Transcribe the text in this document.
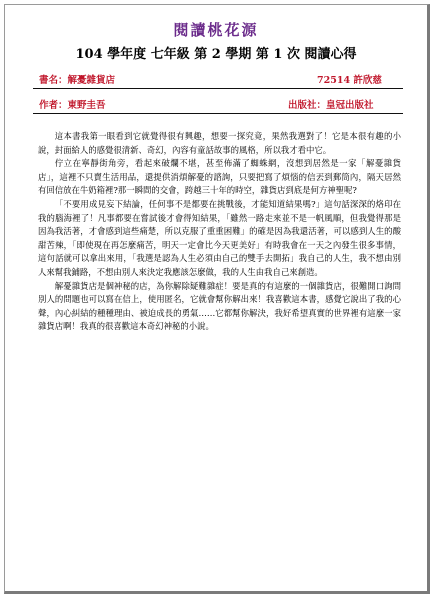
閱讀桃花源
104 學年度 七年級 第 2 學期 第 1 次 閱讀心得
書名：解憂雜貨店	72514 許欣慈
作者：東野圭吾	出版社：皇冠出版社

這本書我第一眼看到它就覺得很有興趣，想要一探究竟，果然我選對了！它是本很有趣的小說，封面給人的感覺很清新、奇幻，內容有童話故事的風格，所以我才看中它。

佇立在寧靜街角旁，看起來破爛不堪，甚至佈滿了蜘蛛網，沒想到居然是一家「解憂雜貨店」，這裡不只賣生活用品，還提供消煩解憂的諮詢，只要把寫了煩惱的信丟到郵筒內，隔天居然有回信放在牛奶箱裡?那一瞬間的交會，跨越三十年的時空，雜貨店到底是何方神聖呢?

「不要用成見妄下結論，任何事不是都要在挑戰後，才能知道結果嗎?」這句話深深的烙印在我的腦海裡了！凡事都要在嘗試後才會得知結果，「雖然一路走來並不是一帆風順，但我覺得那是因為我活著，才會感到這些痛楚，所以克服了重重困難」的確是因為我還活著，可以感到人生的酸甜苦辣，「即使現在再怎麼痛苦，明天一定會比今天更美好」有時我會在一天之內發生很多事情，這句話就可以拿出來用，「我選是認為人生必須由自己的雙手去開拓」我自己的人生，我不想由別人來幫我鋪路，不想由別人來決定我應該怎麼做，我的人生由我自己來創造。

解憂雜貨店是個神秘的店，為你解除疑難雜症！要是真的有這麼的一個雜貨店，很難開口詢問別人的問題也可以寫在信上，使用匿名，它就會幫你解出來！我喜歡這本書，感覺它說出了我的心聲，內心糾結的種種理由、被迫成長的勇氣……它都幫你解決，我好希望真實的世界裡有這麼一家雜貨店啊！我真的很喜歡這本奇幻神秘的小說。
